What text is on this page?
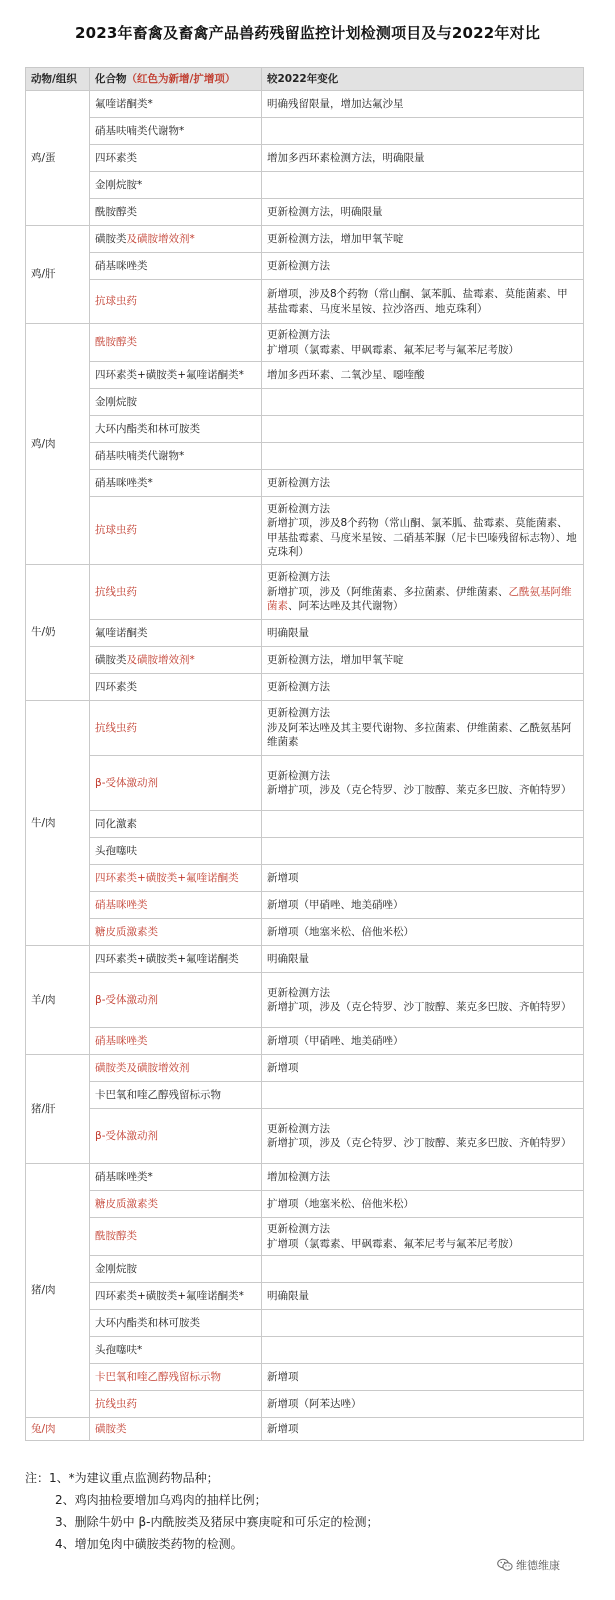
2023年畜禽及畜禽产品兽药残留监控计划检测项目及与2022年对比
动物/组织	化合物（红色为新增/扩增项）	较2022年变化
鸡/蛋	氟喹诺酮类*	明确残留限量，增加达氟沙星
	硝基呋喃类代谢物*	
	四环素类	增加多西环素检测方法，明确限量
	金刚烷胺*	
	酰胺醇类	更新检测方法，明确限量
鸡/肝	磺胺类及磺胺增效剂*	更新检测方法，增加甲氧苄啶
	硝基咪唑类	更新检测方法
	抗球虫药	新增项，涉及8个药物（常山酮、氯苯胍、盐霉素、莫能菌素、甲基盐霉素、马度米星铵、拉沙洛西、地克珠利）
鸡/肉	酰胺醇类	更新检测方法
扩增项（氯霉素、甲砜霉素、氟苯尼考与氟苯尼考胺）
	四环素类+磺胺类+氟喹诺酮类*	增加多西环素、二氧沙星、噁喹酸
	金刚烷胺	
	大环内酯类和林可胺类	
	硝基呋喃类代谢物*	
	硝基咪唑类*	更新检测方法
	抗球虫药	更新检测方法
新增扩项，涉及8个药物（常山酮、氯苯胍、盐霉素、莫能菌素、甲基盐霉素、马度米星铵、二硝基苯脲（尼卡巴嗪残留标志物）、地克珠利）
牛/奶	抗线虫药	更新检测方法
新增扩项，涉及（阿维菌素、多拉菌素、伊维菌素、乙酰氨基阿维菌素、阿苯达唑及其代谢物）
	氟喹诺酮类	明确限量
	磺胺类及磺胺增效剂*	更新检测方法，增加甲氧苄啶
	四环素类	更新检测方法
牛/肉	抗线虫药	更新检测方法
涉及阿苯达唑及其主要代谢物、多拉菌素、伊维菌素、乙酰氨基阿维菌素
	β-受体激动剂	更新检测方法
新增扩项，涉及（克仑特罗、沙丁胺醇、莱克多巴胺、齐帕特罗）
	同化激素	
	头孢噻呋	
	四环素类+磺胺类+氟喹诺酮类	新增项
	硝基咪唑类	新增项（甲硝唑、地美硝唑）
	糖皮质激素类	新增项（地塞米松、倍他米松）
羊/肉	四环素类+磺胺类+氟喹诺酮类	明确限量
	β-受体激动剂	更新检测方法
新增扩项，涉及（克仑特罗、沙丁胺醇、莱克多巴胺、齐帕特罗）
	硝基咪唑类	新增项（甲硝唑、地美硝唑）
猪/肝	磺胺类及磺胺增效剂	新增项
	卡巴氧和喹乙醇残留标示物	
	β-受体激动剂	更新检测方法
新增扩项，涉及（克仑特罗、沙丁胺醇、莱克多巴胺、齐帕特罗）
猪/肉	硝基咪唑类*	增加检测方法
	糖皮质激素类	扩增项（地塞米松、倍他米松）
	酰胺醇类	更新检测方法
扩增项（氯霉素、甲砜霉素、氟苯尼考与氟苯尼考胺）
	金刚烷胺	
	四环素类+磺胺类+氟喹诺酮类*	明确限量
	大环内酯类和林可胺类	
	头孢噻呋*	
	卡巴氧和喹乙醇残留标示物	新增项
	抗线虫药	新增项（阿苯达唑）
兔/肉	磺胺类	新增项
注：1、*为建议重点监测药物品种；
2、鸡肉抽检要增加乌鸡肉的抽样比例；
3、删除牛奶中 β-内酰胺类及猪尿中赛庚啶和可乐定的检测；
4、增加兔肉中磺胺类药物的检测。
维德维康
